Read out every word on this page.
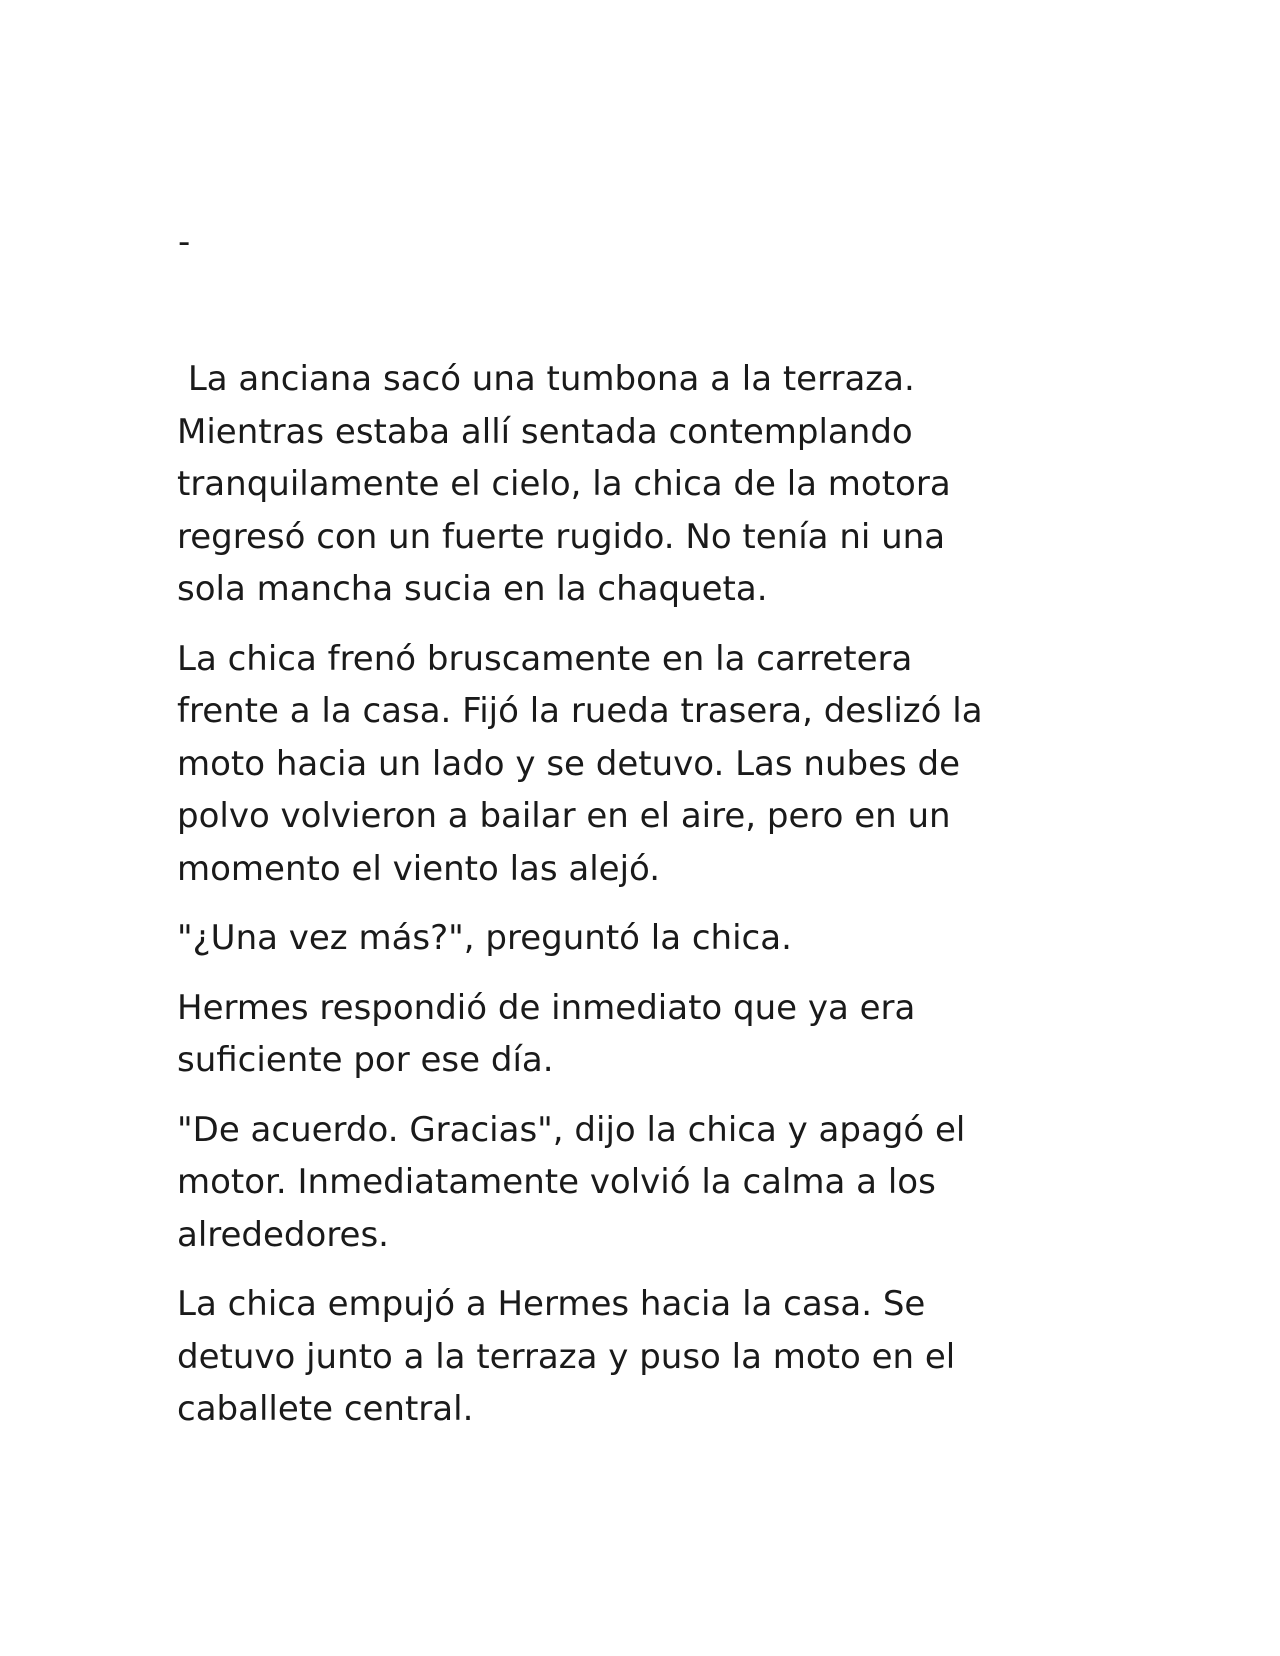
-

La anciana sacó una tumbona a la terraza.
Mientras estaba allí sentada contemplando
tranquilamente el cielo, la chica de la motora
regresó con un fuerte rugido. No tenía ni una
sola mancha sucia en la chaqueta.

La chica frenó bruscamente en la carretera
frente a la casa. Fijó la rueda trasera, deslizó la
moto hacia un lado y se detuvo. Las nubes de
polvo volvieron a bailar en el aire, pero en un
momento el viento las alejó.

"¿Una vez más?", preguntó la chica.

Hermes respondió de inmediato que ya era
suficiente por ese día.

"De acuerdo. Gracias", dijo la chica y apagó el
motor. Inmediatamente volvió la calma a los
alrededores.

La chica empujó a Hermes hacia la casa. Se
detuvo junto a la terraza y puso la moto en el
caballete central.
